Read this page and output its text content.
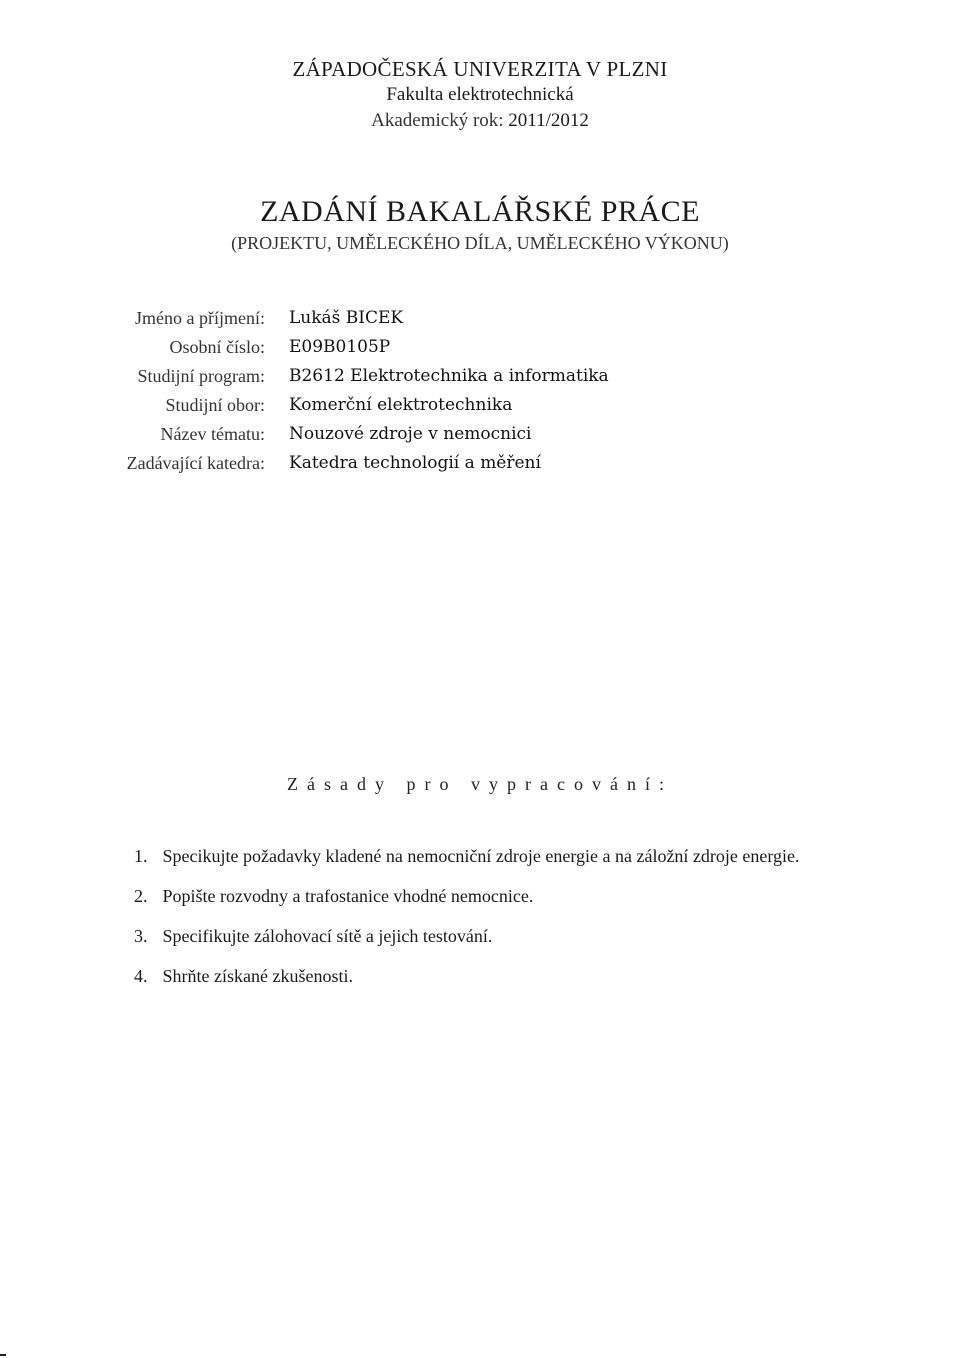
ZÁPADOČESKÁ UNIVERZITA V PLZNI
Fakulta elektrotechnická
Akademický rok: 2011/2012
ZADÁNÍ BAKALÁŘSKÉ PRÁCE
(PROJEKTU, UMĚLECKÉHO DÍLA, UMĚLECKÉHO VÝKONU)
Jméno a příjmení: Lukáš BICEK
Osobní číslo: E09B0105P
Studijní program: B2612 Elektrotechnika a informatika
Studijní obor: Komerční elektrotechnika
Název tématu: Nouzové zdroje v nemocnici
Zadávající katedra: Katedra technologií a měření
Zásady pro vypracování:
1. Specikujte požadavky kladené na nemocniční zdroje energie a na záložní zdroje energie.
2. Popište rozvodny a trafostanice vhodné nemocnice.
3. Specifikujte zálohovací sítě a jejich testování.
4. Shrňte získané zkušenosti.
